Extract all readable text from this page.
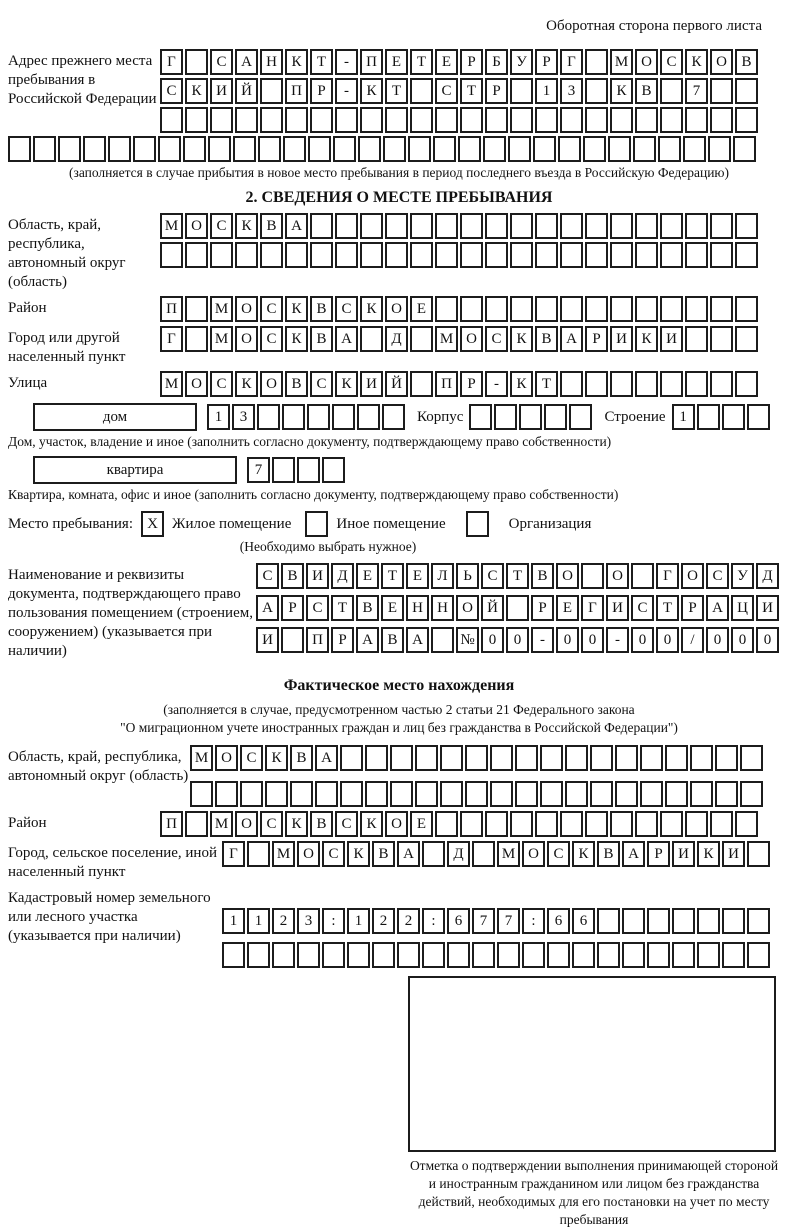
Оборотная сторона первого листа
Адрес прежнего места пребывания в Российской Федерации
Г	С А Н К	Т	-	П Е	Т	Е	Р	Б	У	Р	Г	М О С К О В
С К И Й	П	Р	-	К	Т	С	Т	Р	1	3	К В	7
(заполняется в случае прибытия в новое место пребывания в период последнего въезда в Российскую Федерацию)
2. СВЕДЕНИЯ О МЕСТЕ ПРЕБЫВАНИЯ
Область, край, республика, автономный округ (область)
М О С К В А
Район	П	М О С К В С К О Е
Город или другой населенный пункт
Г	М О С К В А	Д	М О С К В А	Р	И К И
Улица	М О С К О В С К И Й	П	Р	-	К	Т
дом	1	3	Корпус	Строение 1
Дом, участок, владение и иное (заполнить согласно документу, подтверждающему право собственности)
квартира	7
Квартира, комната, офис и иное (заполнить согласно документу, подтверждающему право собственности)
Место пребывания: X Жилое помещение	Иное помещение	Организация
(Необходимо выбрать нужное)
Наименование и реквизиты документа, подтверждающего право пользования помещением (строением, сооружением) (указывается при наличии)
С В И Д	Е	Т	Е	Л	Ь	С	Т	В О	О	Г	О С У Д
А	Р	С	Т	В	Е	Н Н О Й	Р	Е	Г	И С	Т	Р	А Ц И
И	П	Р	А В А	№ 0	0	-	0	0	-	0	0	/	0	0	0
Фактическое место нахождения
(заполняется в случае, предусмотренном частью 2 статьи 21 Федерального закона
"О миграционном учете иностранных граждан и лиц без гражданства в Российской Федерации")
Область, край, республика, автономный округ (область)
М О С К В А
Район	П	М О С К В С К О Е
Город, сельское поселение, иной населенный пункт
Г	М О С К В А	Д	М О С К В А	Р	И К И
Кадастровый номер земельного или лесного участка (указывается при наличии)
1	1	2	3	:	1	2	2	:	6	7	7	:	6	6
Отметка о подтверждении выполнения принимающей стороной и иностранным гражданином или лицом без гражданства действий, необходимых для его постановки на учет по месту пребывания
